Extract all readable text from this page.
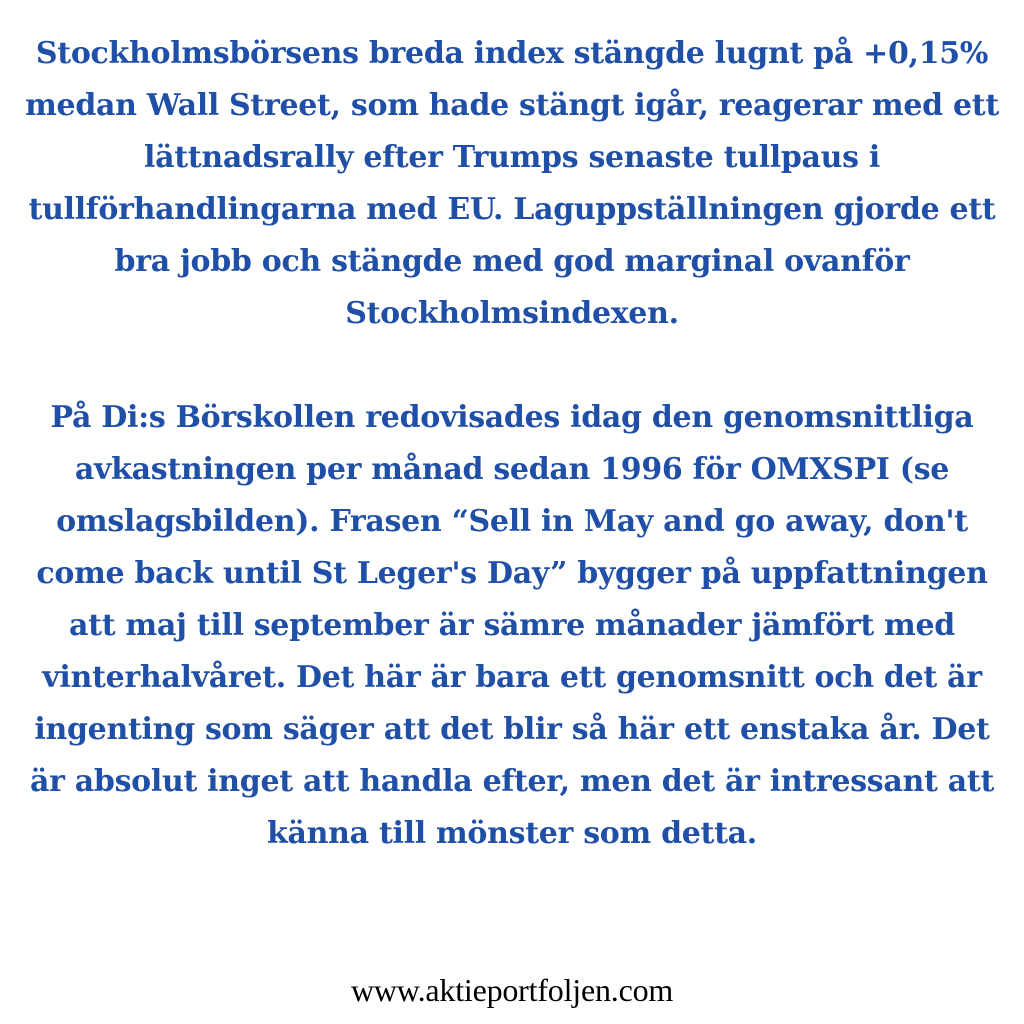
Stockholmsbörsens breda index stängde lugnt på +0,15% medan Wall Street, som hade stängt igår, reagerar med ett lättnadsrally efter Trumps senaste tullpaus i tullförhandlingarna med EU. Laguppställningen gjorde ett bra jobb och stängde med god marginal ovanför Stockholmsindexen.

På Di:s Börskollen redovisades idag den genomsnittliga avkastningen per månad sedan 1996 för OMXSPI (se omslagsbilden). Frasen “Sell in May and go away, don't come back until St Leger's Day” bygger på uppfattningen att maj till september är sämre månader jämfört med vinterhalvåret. Det här är bara ett genomsnitt och det är ingenting som säger att det blir så här ett enstaka år. Det är absolut inget att handla efter, men det är intressant att känna till mönster som detta.

www.aktieportfoljen.com
